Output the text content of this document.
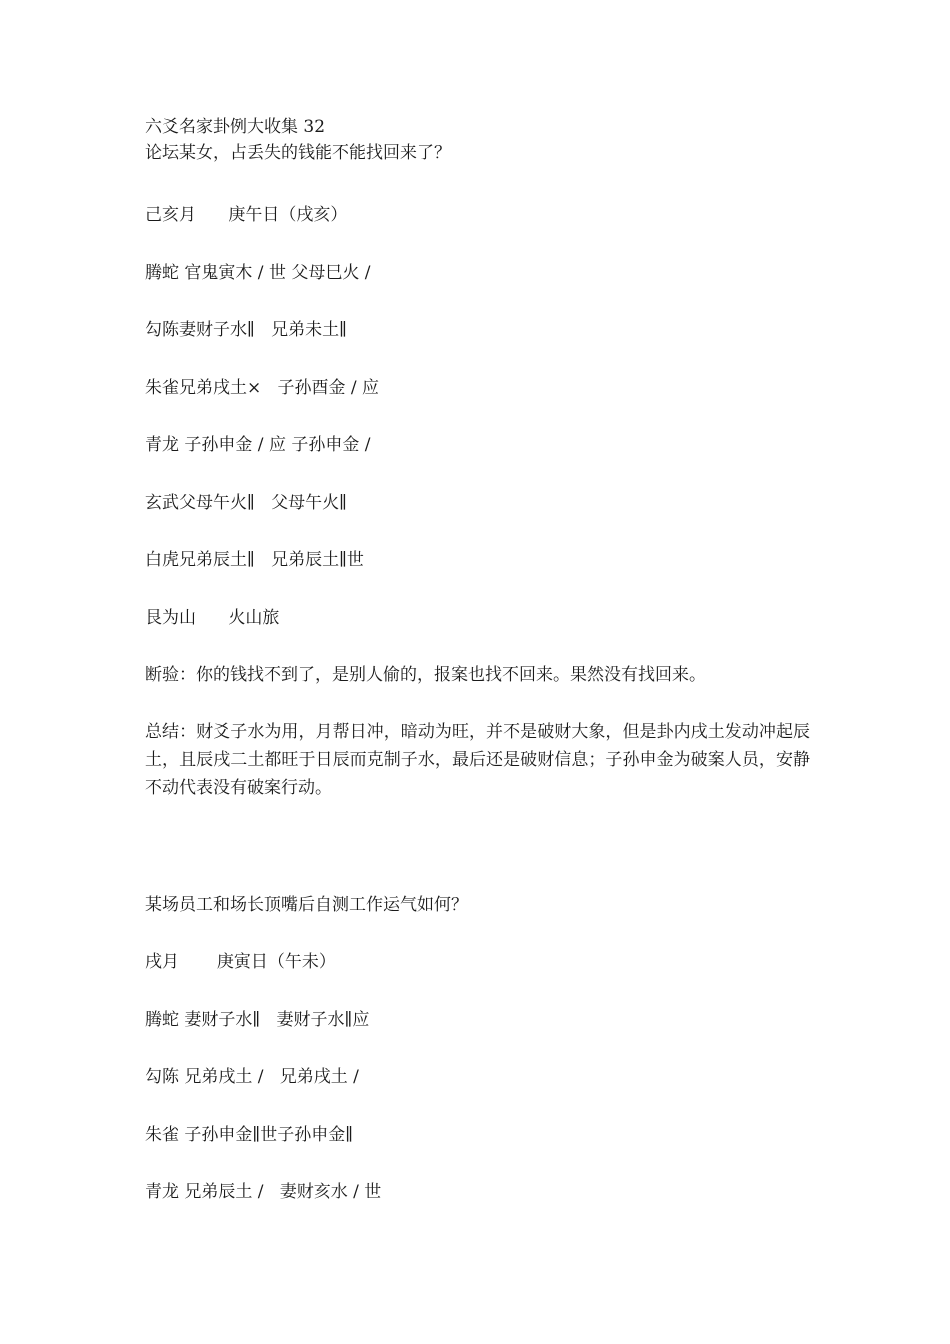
六爻名家卦例大收集 32

论坛某女，占丢失的钱能不能找回来了？

己亥月      庚午日（戌亥）

腾蛇 官鬼寅木 / 世 父母巳火 /

勾陈妻财子水∥   兄弟未土∥

朱雀兄弟戌土×   子孙酉金 / 应

青龙 子孙申金 / 应 子孙申金 /

玄武父母午火∥   父母午火∥

白虎兄弟辰土∥   兄弟辰土∥世

艮为山      火山旅

断验：你的钱找不到了，是别人偷的，报案也找不回来。果然没有找回来。

总结：财爻子水为用，月帮日冲，暗动为旺，并不是破财大象，但是卦内戌土发动冲起辰土，且辰戌二土都旺于日辰而克制子水，最后还是破财信息；子孙申金为破案人员，安静不动代表没有破案行动。

某场员工和场长顶嘴后自测工作运气如何？

戌月       庚寅日（午未）

腾蛇 妻财子水∥   妻财子水∥应

勾陈 兄弟戌土 /   兄弟戌土 /

朱雀 子孙申金∥世子孙申金∥

青龙 兄弟辰土 /   妻财亥水 / 世
